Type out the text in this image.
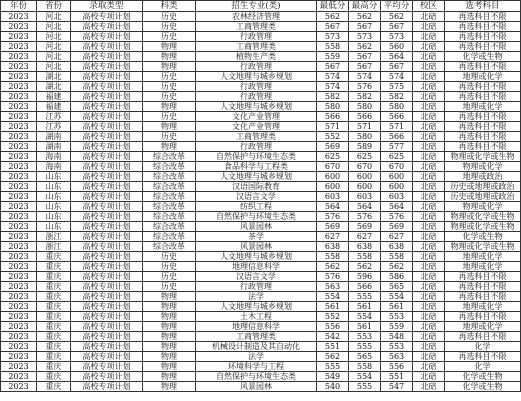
年份	省份	录取类型	科类	招生专业(类)	最低分	最高分	平均分	校区	选考科目
2023	河北	高校专项计划	历史	农林经济管理	562	562	562	北碚	再选科目不限
2023	河北	高校专项计划	历史	工商管理类	567	567	567	北碚	再选科目不限
2023	河北	高校专项计划	历史	行政管理	573	573	573	北碚	再选科目不限
2023	河北	高校专项计划	物理	工商管理类	558	562	560	北碚	再选科目不限
2023	河北	高校专项计划	物理	植物生产类	559	567	564	北碚	化学或生物
2023	河北	高校专项计划	物理	行政管理	567	567	567	北碚	再选科目不限
2023	湖北	高校专项计划	历史	人文地理与城乡规划	574	574	574	北碚	地理或化学
2023	湖北	高校专项计划	历史	行政管理	574	576	575	北碚	再选科目不限
2023	福建	高校专项计划	历史	行政管理	582	582	582	北碚	再选科目不限
2023	福建	高校专项计划	物理	人文地理与城乡规划	580	580	580	北碚	地理或化学
2023	江苏	高校专项计划	历史	文化产业管理	566	566	566	北碚	再选科目不限
2023	江苏	高校专项计划	物理	文化产业管理	571	571	571	北碚	再选科目不限
2023	湖南	高校专项计划	历史	工商管理类	552	580	566	北碚	再选科目不限
2023	湖南	高校专项计划	物理	行政管理	569	589	577	北碚	再选科目不限
2023	海南	高校专项计划	综合改革	自然保护与环境生态类	625	625	625	北碚	物理或化学或生物
2023	海南	高校专项计划	综合改革	食品科学与工程类	670	670	670	北碚	物理或化学
2023	山东	高校专项计划	综合改革	人文地理与城乡规划	600	600	600	北碚	地理或政治
2023	山东	高校专项计划	综合改革	汉语国际教育	600	600	600	北碚	历史或地理或政治
2023	山东	高校专项计划	综合改革	汉语言文学	603	603	603	北碚	历史或地理或政治
2023	山东	高校专项计划	综合改革	纺织工程	564	564	564	北碚	物理或化学
2023	山东	高校专项计划	综合改革	自然保护与环境生态类	576	576	576	北碚	物理或化学或生物
2023	山东	高校专项计划	综合改革	风景园林	569	569	569	北碚	物理或化学或生物
2023	浙江	高校专项计划	综合改革	茶学	627	627	627	北碚	化学或生物
2023	浙江	高校专项计划	综合改革	风景园林	638	638	638	北碚	物理或化学或生物
2023	重庆	高校专项计划	历史	人文地理与城乡规划	558	558	558	北碚	地理或化学
2023	重庆	高校专项计划	历史	地理信息科学	562	562	562	北碚	地理或化学
2023	重庆	高校专项计划	历史	汉语言文学	576	596	586	北碚	再选科目不限
2023	重庆	高校专项计划	历史	行政管理	563	566	565	北碚	再选科目不限
2023	重庆	高校专项计划	物理	法学	554	555	554	北碚	再选科目不限
2023	重庆	高校专项计划	物理	人文地理与城乡规划	561	561	561	北碚	地理或化学
2023	重庆	高校专项计划	物理	土木工程	552	554	553	北碚	再选科目不限
2023	重庆	高校专项计划	物理	地理信息科学	556	561	559	北碚	地理或化学
2023	重庆	高校专项计划	物理	工商管理类	542	553	548	北碚	再选科目不限
2023	重庆	高校专项计划	物理	机械设计制造及其自动化	551	555	553	北碚	化学
2023	重庆	高校专项计划	物理	法学	562	565	563	北碚	再选科目不限
2023	重庆	高校专项计划	物理	环境科学与工程	555	558	556	北碚	化学
2023	重庆	高校专项计划	物理	自然保护与环境生态类	549	554	551	北碚	化学或生物
2023	重庆	高校专项计划	物理	风景园林	540	555	547	北碚	化学或生物
